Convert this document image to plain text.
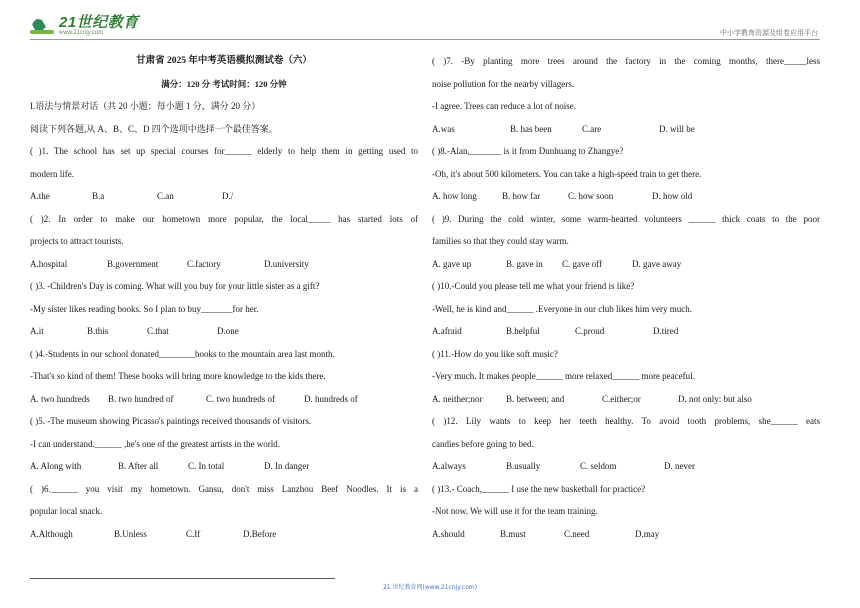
21世纪教育
www.21cnjy.com	中小学教育资源及组卷应用平台
甘肃省 2025 年中考英语模拟测试卷（六）
满分：120 分 考试时间：120 分钟
I.语法与情景对话（共 20 小题；每小题 1 分，满分 20 分）
阅读下列各题,从 A、B、C、D 四个选项中选择一个最佳答案。
( )1. The school has set up special courses for______ elderly to help them in getting used to
modern life.
A.the	B.a	C.an	D./
( )2. In order to make our hometown more popular, the local_____ has started lots of
projects to attract tourists.
A.hospital	B.government	C.factory	D.university
( )3. -Children's Day is coming. What will you buy for your little sister as a gift?
-My sister likes reading books. So I plan to buy_______for her.
A.it	B.this	C.that	D.one
( )4.-Students in our school donated________books to the mountain area last month.
-That's so kind of them! These books will bring more knowledge to the kids there.
A. two hundreds	B. two hundred of	C. two hundreds of	D. hundreds of
( )5. -The museum showing Picasso's paintings received thousands of visitors.
-I can understand.______ ,he's one of the greatest artists in the world.
A. Along with	B. After all	C. In total	D. In danger
( )6.______ you visit my hometown. Gansu, don't miss Lanzhou Beef Noodles. It is a
popular local snack.
A.Although	B.Unless	C.If	D.Before
( )7. -By planting more trees around the factory in the coming months, there_____less
noise pollution for the nearby villagers.
-I agree. Trees can reduce a lot of noise.
A.was	B. has been	C.are	D. will be
( )8.-Alan,_______ is it from Dunhuang to Zhangye?
-Oh, it's about 500 kilometers. You can take a high-speed train to get there.
A. how long	B. how far	C. how soon	D. how old
( )9. During the cold winter, some warm-hearted volunteers ______ thick coats to the poor
families so that they could stay warm.
A. gave up	B. gave in	C. gave off	D. gave away
( )10.-Could you please tell me what your friend is like?
-Well, he is kind and______ .Everyone in our club likes him very much.
A.afraid	B.helpful	C.proud	D.tired
( )11.-How do you like soft music?
-Very much. It makes people______ more relaxed______ more peaceful.
A. neither;nor	B. between; and	C.either;or	D. not only: but also
( )12. Lily wants to keep her teeth healthy. To avoid tooth problems, she______ eats
candies before going to bed.
A.always	B.usually	C. seldom	D. never
( )13.- Coach,______ I use the new basketball for practice?
-Not now. We will use it for the team training.
A.should	B.must	C.need	D.may
21 世纪教育网(www.21cnjy.com)
